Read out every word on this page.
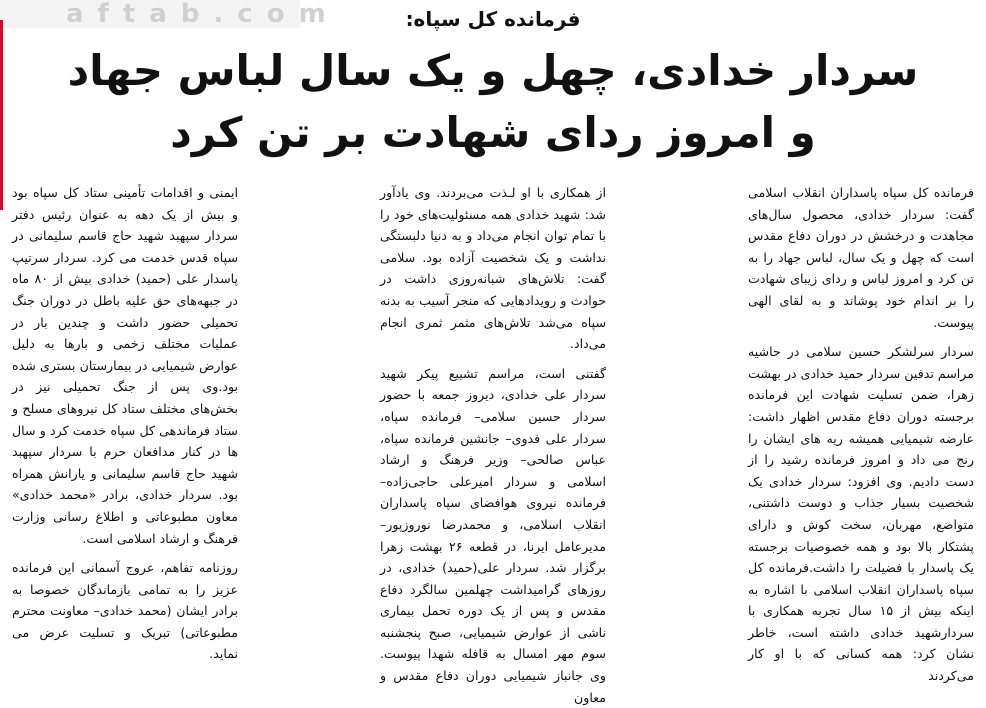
aftab.com	فرمانده کل سپاه:
سردار خدادی، چهل و یک سال لباس جهاد
و امروز ردای شهادت بر تن کرد

فرمانده کل سپاه پاسداران انقلاب اسلامی گفت: سردار خدادی، محصول سال‌های مجاهدت و درخشش در دوران دفاع مقدس است که چهل و یک سال، لباس جهاد را به تن کرد و امروز لباس و ردای زیبای شهادت را بر اندام خود پوشاند و به لقای الهی پیوست.

سردار سرلشکر حسین سلامی در حاشیه مراسم تدفین سردار حمید خدادی در بهشت زهرا، ضمن تسلیت شهادت این فرمانده برجسته دوران دفاع مقدس اظهار داشت: عارضه شیمیایی همیشه ریه های ایشان را رنج می داد و امروز فرمانده رشید را از دست دادیم. وی افزود: سردار خدادی یک شخصیت بسیار جذاب و دوست داشتنی، متواضع، مهربان، سخت کوش و دارای پشتکار بالا بود و همه خصوصیات برجسته یک پاسدار با فضیلت را داشت.فرمانده کل سپاه پاسداران انقلاب اسلامی با اشاره به اینکه بیش از ۱۵ سال تجربه همکاری با سردارشهید خدادی داشته است، خاطر نشان کرد: همه کسانی که با او کار می‌کردند

از همکاری با او لـذت می‌بردند. وی یادآور شد: شهید خدادی همه مسئولیت‌های خود را با تمام توان انجام می‌داد و به دنیا دلبستگی نداشت و یک شخصیت آزاده بود. سلامی گفت: تلاش‌های شبانه‌روزی داشت در حوادث و رویدادهایی که منجر آسیب به بدنه سپاه می‌شد تلاش‌های مثمر ثمری انجام می‌داد.

گفتنی است، مراسم تشییع پیکر شهید سردار علی خدادی، دیروز جمعه با حضور سردار حسین سلامی– فرمانده سپاه، سردار علی فدوی– جانشین فرمانده سپاه، عباس صالحی– وزیر فرهنگ و ارشاد اسلامی و سردار امیرعلی حاجی‌زاده– فرمانده نیروی هوافضای سپاه پاسداران انقلاب اسلامی، و محمدرضا نوروزپور– مدیرعامل ایرنا، در قطعه ۲۶ بهشت زهرا برگزار شد. سردار علی(حمید) خدادی، در روزهای گرامیداشت چهلمین سالگرد دفاع مقدس و پس از یک دوره تحمل بیماری ناشی از عوارض شیمیایی، صبح پنجشنبه سوم مهر امسال به قافله شهدا پیوست. وی جانباز شیمیایی دوران دفاع مقدس و معاون

ایمنی و اقدامات تأمینی ستاد کل سپاه بود و بیش از یک دهه به عنوان رئیس دفتر سردار سپهبد شهید حاج قاسم سلیمانی در سپاه قدس خدمت می کرد. سردار سرتیپ پاسدار علی (حمید) خدادی بیش از ۸۰ ماه در جبهه‌های حق علیه باطل در دوران جنگ تحمیلی حضور داشت و چندین بار در عملیات مختلف زخمی و بارها به دلیل عوارض شیمیایی در بیمارستان بستری شده بود.وی پس از جنگ تحمیلی نیز در بخش‌های مختلف ستاد کل نیروهای مسلح و ستاد فرماندهی کل سپاه خدمت کرد و سال ها در کنار مدافعان حرم با سردار سپهبد شهید حاج قاسم سلیمانی و یارانش همراه بود. سردار خدادی، برادر «محمد خدادی» معاون مطبوعاتی و اطلاع رسانی وزارت فرهنگ و ارشاد اسلامی است.

روزنامه تفاهم، عروج آسمانی این فرمانده عزیز را به تمامی بازماندگان خصوصا به برادر ایشان (محمد خدادی– معاونت محترم مطبوعاتی) تبریک و تسلیت عرض می نماید.
